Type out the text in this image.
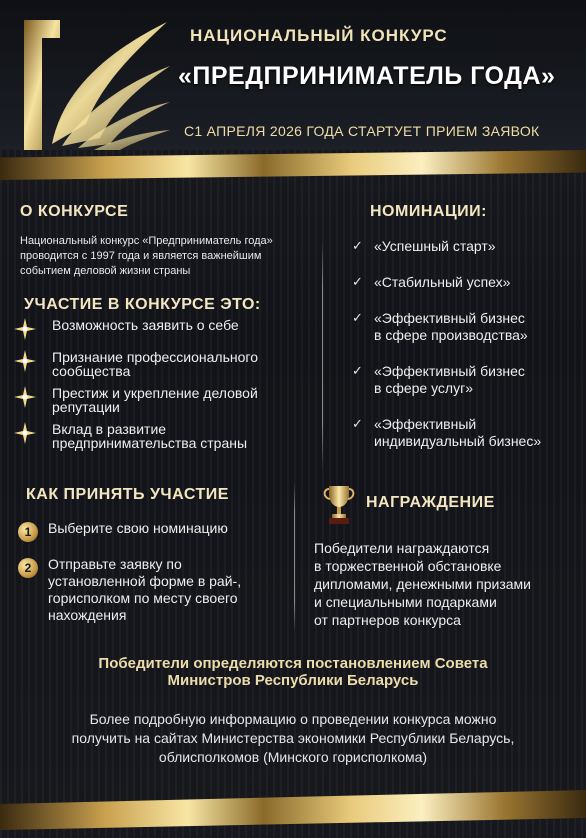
НАЦИОНАЛЬНЫЙ КОНКУРС
«ПРЕДПРИНИМАТЕЛЬ ГОДА»
С1 АПРЕЛЯ 2026 ГОДА СТАРТУЕТ ПРИЕМ ЗАЯВОК
О КОНКУРСЕ
Национальный конкурс «Предприниматель года» проводится с 1997 года и является важнейшим событием деловой жизни страны
НОМИНАЦИИ:
УЧАСТИЕ В КОНКУРСЕ ЭТО:
Возможность заявить о себе
Признание профессионального сообщества
Престиж и укрепление деловой репутации
Вклад в развитие предпринимательства страны
✓ «Успешный старт»
✓ «Стабильный успех»
✓ «Эффективный бизнес
в сфере производства»
✓ «Эффективный бизнес
в сфере услуг»
✓ «Эффективный
индивидуальный бизнес»
КАК ПРИНЯТЬ УЧАСТИЕ
1	Выберите свою номинацию
2	Отправьте заявку по
установленной форме в рай-,
горисполком по месту своего
нахождения
НАГРАЖДЕНИЕ
Победители награждаются
в торжественной обстановке
дипломами, денежными призами
и специальными подарками
от партнеров конкурса
Победители определяются постановлением Совета
Министров Республики Беларусь
Более подробную информацию о проведении конкурса можно
получить на сайтах Министерства экономики Республики Беларусь,
облисполкомов (Минского горисполкома)
